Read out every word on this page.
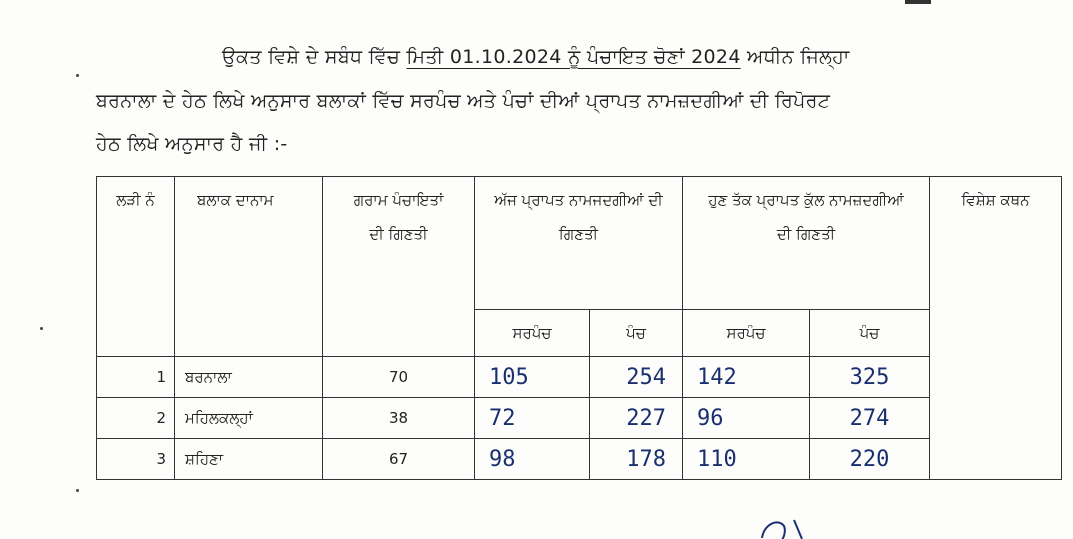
ਉਕਤ ਵਿਸ਼ੇ ਦੇ ਸਬੰਧ ਵਿੱਚ ਮਿਤੀ 01.10.2024 ਨੂੰ ਪੰਚਾਇਤ ਚੋਣਾਂ 2024 ਅਧੀਨ ਜਿਲ੍ਹਾ
ਬਰਨਾਲਾ ਦੇ ਹੇਠ ਲਿਖੇ ਅਨੁਸਾਰ ਬਲਾਕਾਂ ਵਿੱਚ ਸਰਪੰਚ ਅਤੇ ਪੰਚਾਂ ਦੀਆਂ ਪ੍ਰਾਪਤ ਨਾਮਜ਼ਦਗੀਆਂ ਦੀ ਰਿਪੋਰਟ
ਹੇਠ ਲਿਖੇ ਅਨੁਸਾਰ ਹੈ ਜੀ :-
ਲੜੀ ਨੰ	ਬਲਾਕ ਦਾਨਾਮ	ਗਰਾਮ ਪੰਚਾਇਤਾਂ ਦੀ ਗਿਣਤੀ	ਅੱਜ ਪ੍ਰਾਪਤ ਨਾਮਜਦਗੀਆਂ ਦੀ ਗਿਣਤੀ		ਹੁਣ ਤੱਕ ਪ੍ਰਾਪਤ ਕੁੱਲ ਨਾਮਜ਼ਦਗੀਆਂ ਦੀ ਗਿਣਤੀ		ਵਿਸ਼ੇਸ਼ ਕਥਨ
			ਸਰਪੰਚ	ਪੰਚ	ਸਰਪੰਚ	ਪੰਚ	
1	ਬਰਨਾਲਾ	70	105	254	142	325	
2	ਮਹਿਲਕਲ੍ਹਾਂ	38	72	227	96	274	
3	ਸ਼ਹਿਣਾ	67	98	178	110	220	
